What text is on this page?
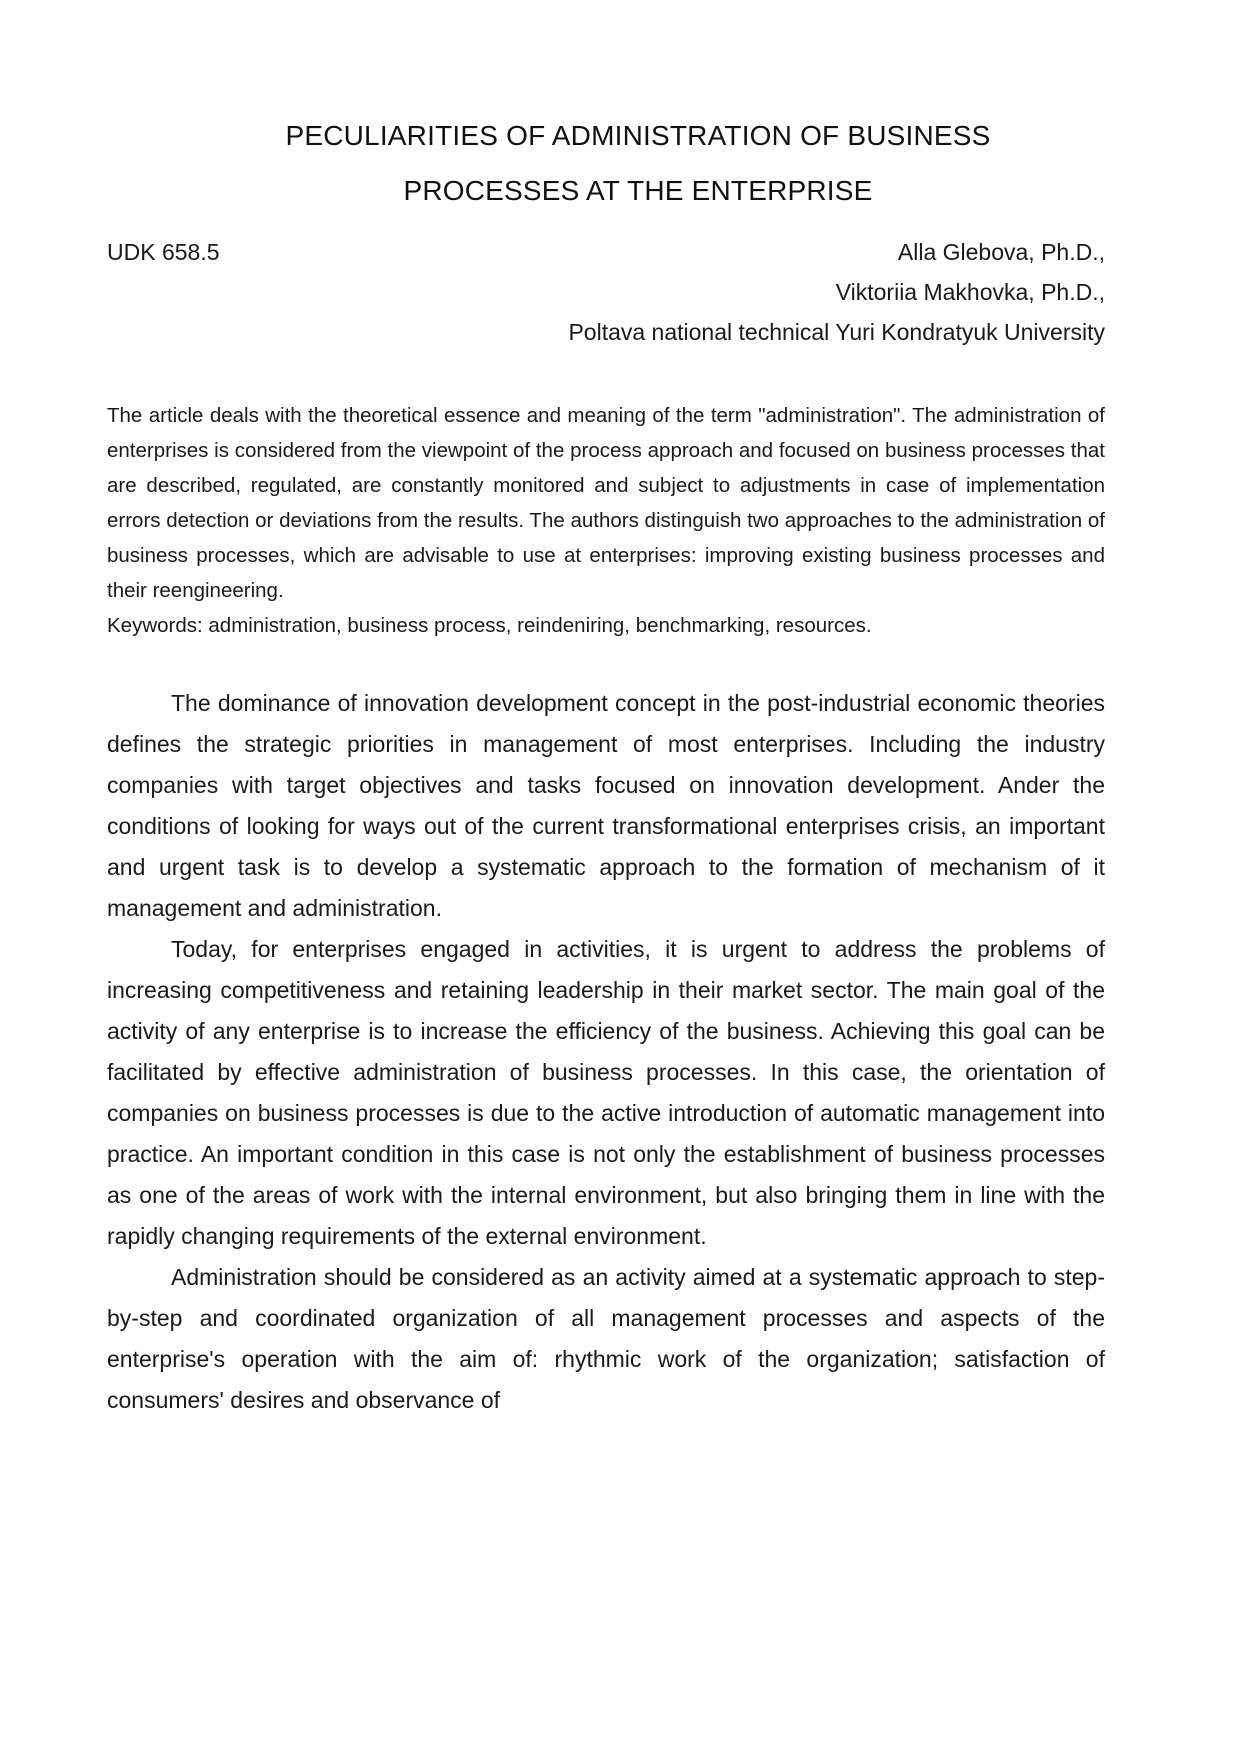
PECULIARITIES OF ADMINISTRATION OF BUSINESS
PROCESSES AT THE ENTERPRISE
UDK 658.5	Alla Glebova, Ph.D.,
Viktoriia Makhovka, Ph.D.,
Poltava national technical Yuri Kondratyuk University
The article deals with the theoretical essence and meaning of the term "administration". The administration of enterprises is considered from the viewpoint of the process approach and focused on business processes that are described, regulated, are constantly monitored and subject to adjustments in case of implementation errors detection or deviations from the results. The authors distinguish two approaches to the administration of business processes, which are advisable to use at enterprises: improving existing business processes and their reengineering.
Keywords: administration, business process, reindeniring, benchmarking, resources.

The dominance of innovation development concept in the post-industrial economic theories defines the strategic priorities in management of most enterprises. Including the industry companies with target objectives and tasks focused on innovation development. Ander the conditions of looking for ways out of the current transformational enterprises crisis, an important and urgent task is to develop a systematic approach to the formation of mechanism of it management and administration.

Today, for enterprises engaged in activities, it is urgent to address the problems of increasing competitiveness and retaining leadership in their market sector. The main goal of the activity of any enterprise is to increase the efficiency of the business. Achieving this goal can be facilitated by effective administration of business processes. In this case, the orientation of companies on business processes is due to the active introduction of automatic management into practice. An important condition in this case is not only the establishment of business processes as one of the areas of work with the internal environment, but also bringing them in line with the rapidly changing requirements of the external environment.

Administration should be considered as an activity aimed at a systematic approach to step-by-step and coordinated organization of all management processes and aspects of the enterprise's operation with the aim of: rhythmic work of the organization; satisfaction of consumers' desires and observance of
